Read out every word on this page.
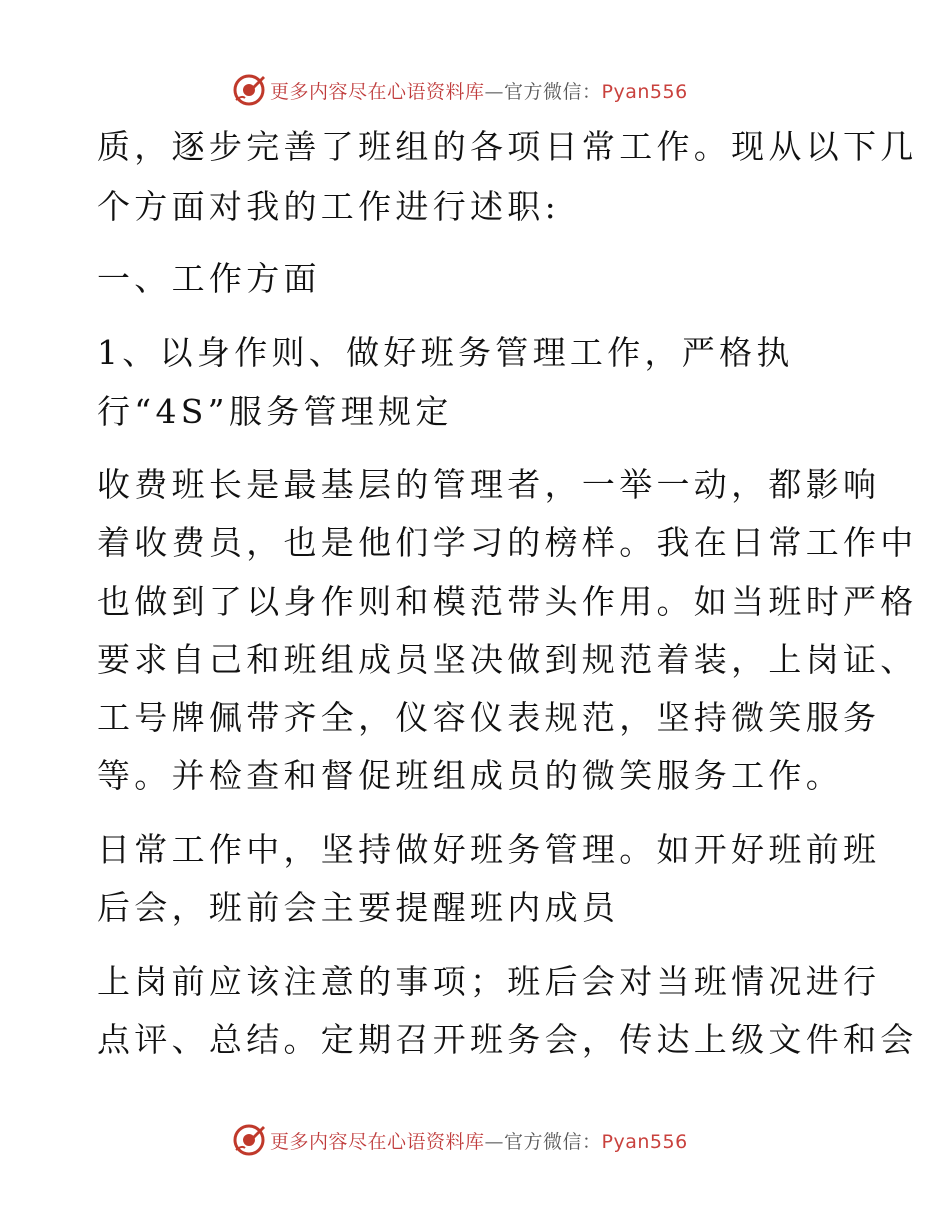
更多内容尽在心语资料库—官方微信：Pyan556

质，逐步完善了班组的各项日常工作。现从以下几

个方面对我的工作进行述职:

一、工作方面

1、以身作则、做好班务管理工作，严格执

行“4S”服务管理规定

收费班长是最基层的管理者，一举一动，都影响

着收费员，也是他们学习的榜样。我在日常工作中

也做到了以身作则和模范带头作用。如当班时严格

要求自己和班组成员坚决做到规范着装，上岗证、

工号牌佩带齐全，仪容仪表规范，坚持微笑服务

等。并检查和督促班组成员的微笑服务工作。

日常工作中，坚持做好班务管理。如开好班前班

后会，班前会主要提醒班内成员

上岗前应该注意的事项；班后会对当班情况进行

点评、总结。定期召开班务会，传达上级文件和会

更多内容尽在心语资料库—官方微信：Pyan556
